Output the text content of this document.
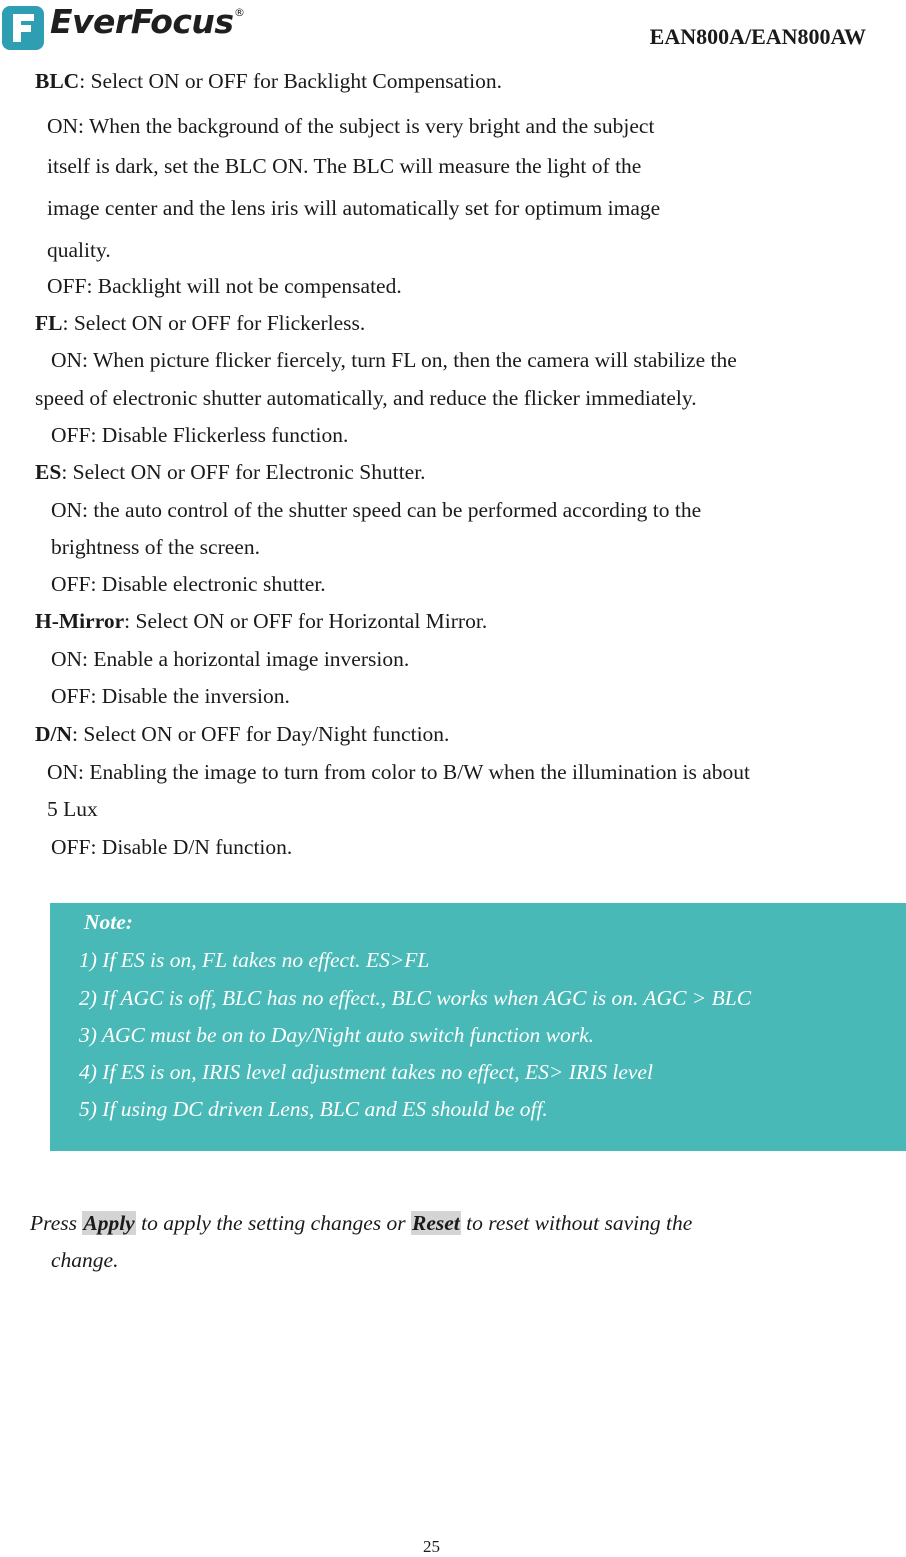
EverFocus ®
EAN800A/EAN800AW
BLC: Select ON or OFF for Backlight Compensation.
ON: When the background of the subject is very bright and the subject
itself is dark, set the BLC ON. The BLC will measure the light of the
image center and the lens iris will automatically set for optimum image
quality.
OFF: Backlight will not be compensated.
FL: Select ON or OFF for Flickerless.
ON: When picture flicker fiercely, turn FL on, then the camera will stabilize the
speed of electronic shutter automatically, and reduce the flicker immediately.
OFF: Disable Flickerless function.
ES: Select ON or OFF for Electronic Shutter.
ON: the auto control of the shutter speed can be performed according to the
brightness of the screen.
OFF: Disable electronic shutter.
H-Mirror: Select ON or OFF for Horizontal Mirror.
ON: Enable a horizontal image inversion.
OFF: Disable the inversion.
D/N: Select ON or OFF for Day/Night function.
ON: Enabling the image to turn from color to B/W when the illumination is about
5 Lux
OFF: Disable D/N function.
Note:
1) If ES is on, FL takes no effect. ES>FL
2) If AGC is off, BLC has no effect., BLC works when AGC is on. AGC > BLC
3) AGC must be on to Day/Night auto switch function work.
4) If ES is on, IRIS level adjustment takes no effect, ES> IRIS level
5) If using DC driven Lens, BLC and ES should be off.
Press Apply to apply the setting changes or Reset to reset without saving the
change.
25
